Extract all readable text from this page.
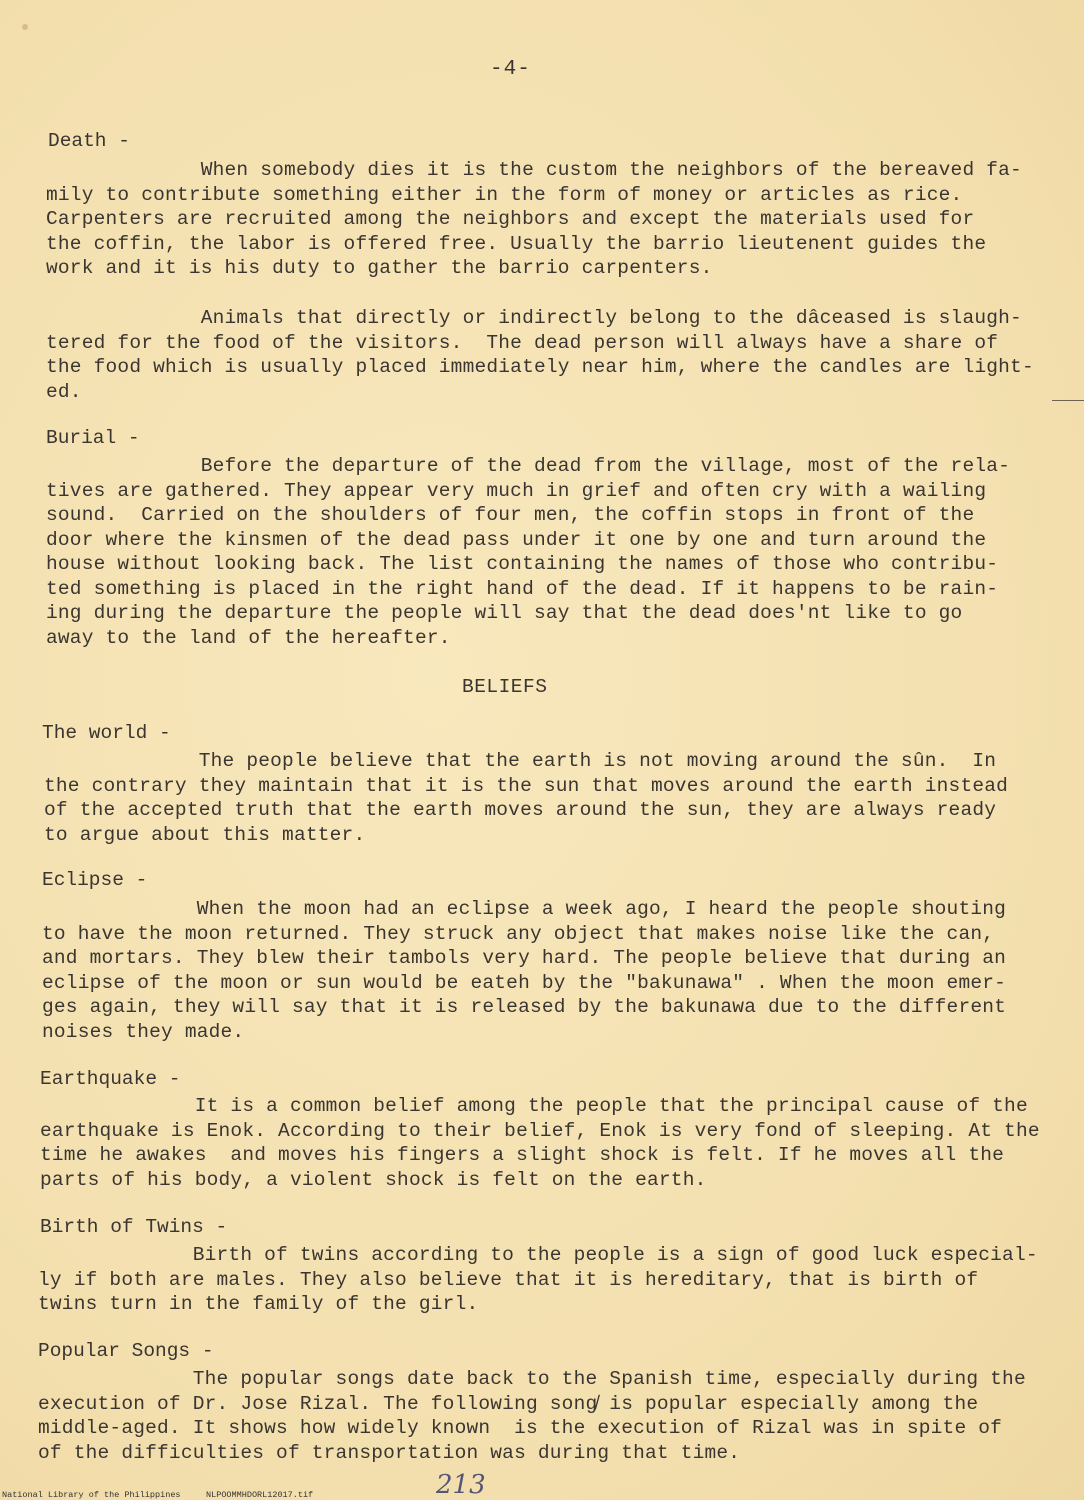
-4-
Death -
When somebody dies it is the custom the neighbors of the bereaved fa-
mily to contribute something either in the form of money or articles as rice.
Carpenters are recruited among the neighbors and except the materials used for
the coffin, the labor is offered free. Usually the barrio lieutenent guides the
work and it is his duty to gather the barrio carpenters.
Animals that directly or indirectly belong to the dâceased is slaugh-
tered for the food of the visitors.  The dead person will always have a share of
the food which is usually placed immediately near him, where the candles are light-
ed.
Burial -
Before the departure of the dead from the village, most of the rela-
tives are gathered. They appear very much in grief and often cry with a wailing
sound.  Carried on the shoulders of four men, the coffin stops in front of the
door where the kinsmen of the dead pass under it one by one and turn around the
house without looking back. The list containing the names of those who contribu-
ted something is placed in the right hand of the dead. If it happens to be rain-
ing during the departure the people will say that the dead does'nt like to go
away to the land of the hereafter.
BELIEFS
The world -
The people believe that the earth is not moving around the sûn.  In
the contrary they maintain that it is the sun that moves around the earth instead
of the accepted truth that the earth moves around the sun, they are always ready
to argue about this matter.
Eclipse -
When the moon had an eclipse a week ago, I heard the people shouting
to have the moon returned. They struck any object that makes noise like the can,
and mortars. They blew their tambols very hard. The people believe that during an
eclipse of the moon or sun would be eateh by the "bakunawa" . When the moon emer-
ges again, they will say that it is released by the bakunawa due to the different
noises they made.
Earthquake -
It is a common belief among the people that the principal cause of the
earthquake is Enok. According to their belief, Enok is very fond of sleeping. At the
time he awakes  and moves his fingers a slight shock is felt. If he moves all the
parts of his body, a violent shock is felt on the earth.
Birth of Twins -
Birth of twins according to the people is a sign of good luck especial-
ly if both are males. They also believe that it is hereditary, that is birth of
twins turn in the family of the girl.
Popular Songs -
The popular songs date back to the Spanish time, especially during the
execution of Dr. Jose Rizal. The following song̸ is popular especially among the
middle-aged. It shows how widely known  is the execution of Rizal was in spite of
of the difficulties of transportation was during that time.
213
National Library of the Philippines     NLPOOMMHDORL12017.tif
